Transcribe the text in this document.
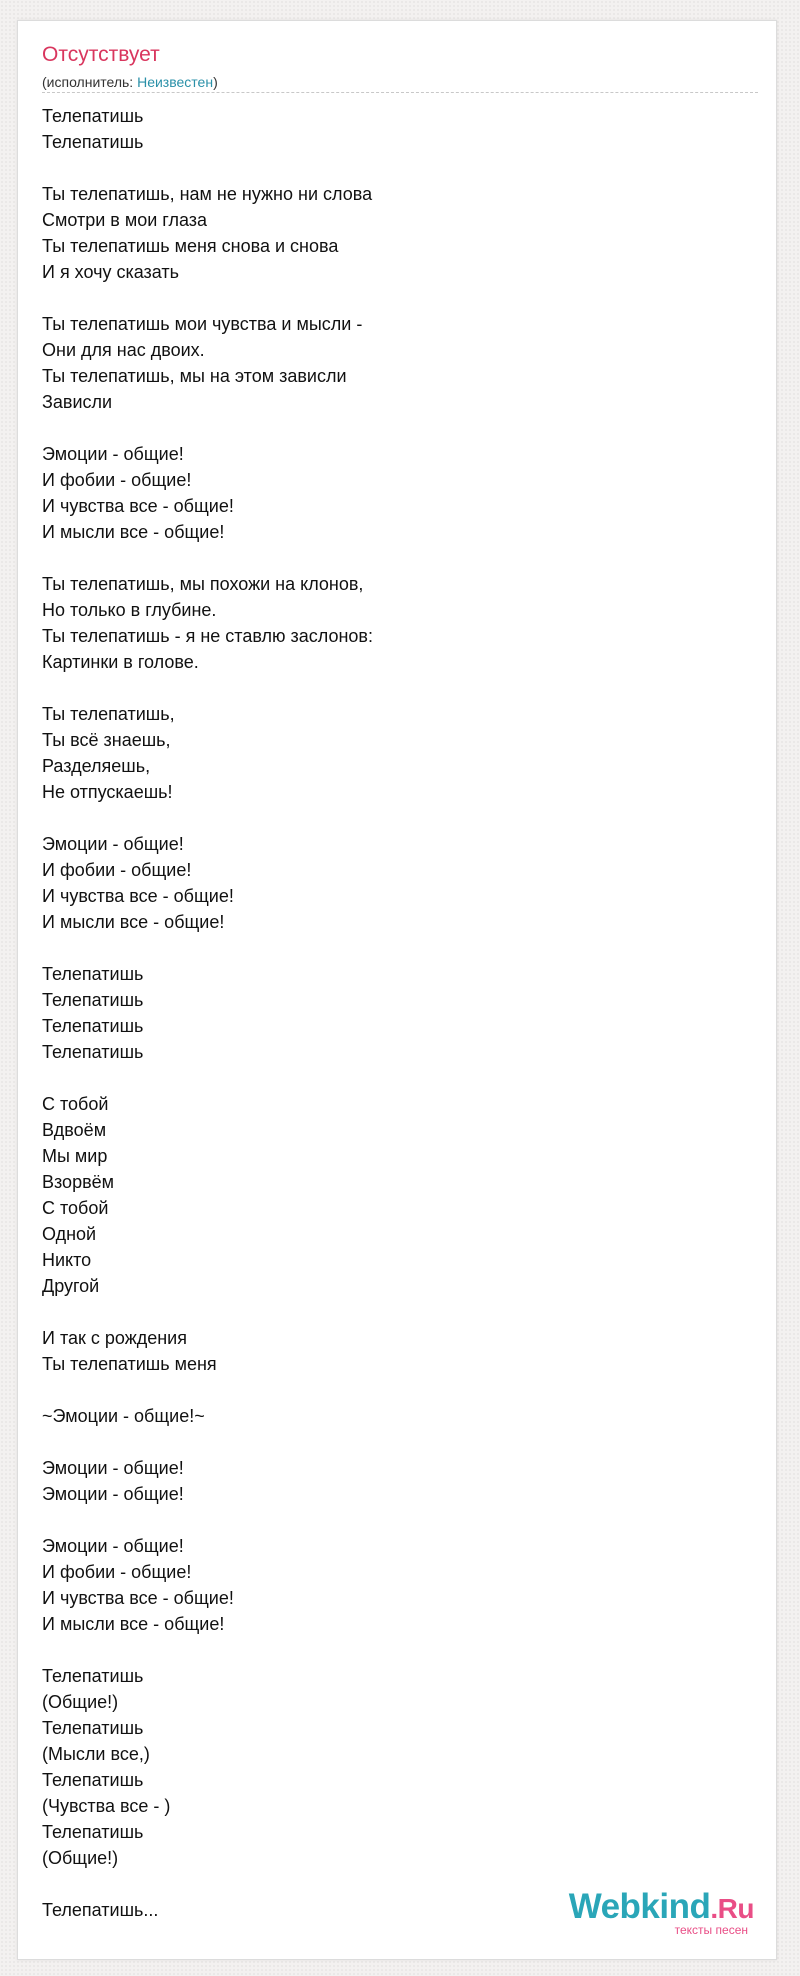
Отсутствует
(исполнитель: Неизвестен)
Телепатишь
Телепатишь
Ты телепатишь, нам не нужно ни слова
Смотри в мои глаза
Ты телепатишь меня снова и снова
И я хочу сказать
Ты телепатишь мои чувства и мысли -
Они для нас двоих.
Ты телепатишь, мы на этом зависли
Зависли
Эмоции - общие!
И фобии - общие!
И чувства все - общие!
И мысли все - общие!
Ты телепатишь, мы похожи на клонов,
Но только в глубине.
Ты телепатишь - я не ставлю заслонов:
Картинки в голове.
Ты телепатишь,
Ты всё знаешь,
Разделяешь,
Не отпускаешь!
Эмоции - общие!
И фобии - общие!
И чувства все - общие!
И мысли все - общие!
Телепатишь
Телепатишь
Телепатишь
Телепатишь
С тобой
Вдвоём
Мы мир
Взорвём
С тобой
Одной
Никто
Другой
И так с рождения
Ты телепатишь меня
~Эмоции - общие!~
Эмоции - общие!
Эмоции - общие!
Эмоции - общие!
И фобии - общие!
И чувства все - общие!
И мысли все - общие!
Телепатишь
(Общие!)
Телепатишь
(Мысли все,)
Телепатишь
(Чувства все - )
Телепатишь
(Общие!)
Телепатишь...	Webkind.Ru
тексты песен
